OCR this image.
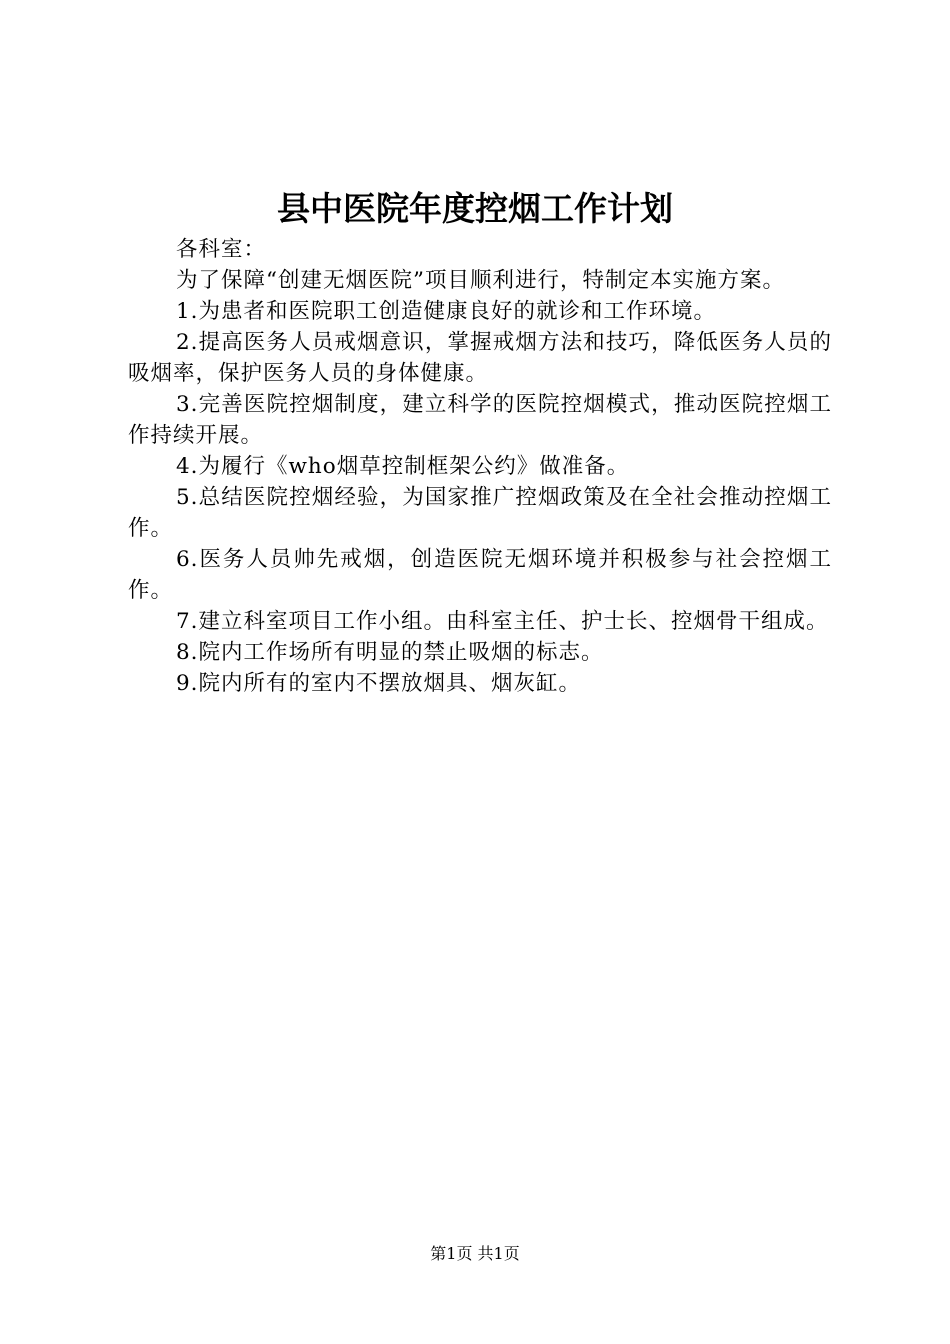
县中医院年度控烟工作计划

各科室：

为了保障“创建无烟医院”项目顺利进行，特制定本实施方案。

1.为患者和医院职工创造健康良好的就诊和工作环境。

2.提高医务人员戒烟意识，掌握戒烟方法和技巧，降低医务人员的吸烟率，保护医务人员的身体健康。

3.完善医院控烟制度，建立科学的医院控烟模式，推动医院控烟工作持续开展。

4.为履行《who烟草控制框架公约》做准备。

5.总结医院控烟经验，为国家推广控烟政策及在全社会推动控烟工作。

6.医务人员帅先戒烟，创造医院无烟环境并积极参与社会控烟工作。

7.建立科室项目工作小组。由科室主任、护士长、控烟骨干组成。

8.院内工作场所有明显的禁止吸烟的标志。

9.院内所有的室内不摆放烟具、烟灰缸。

第1页 共1页
